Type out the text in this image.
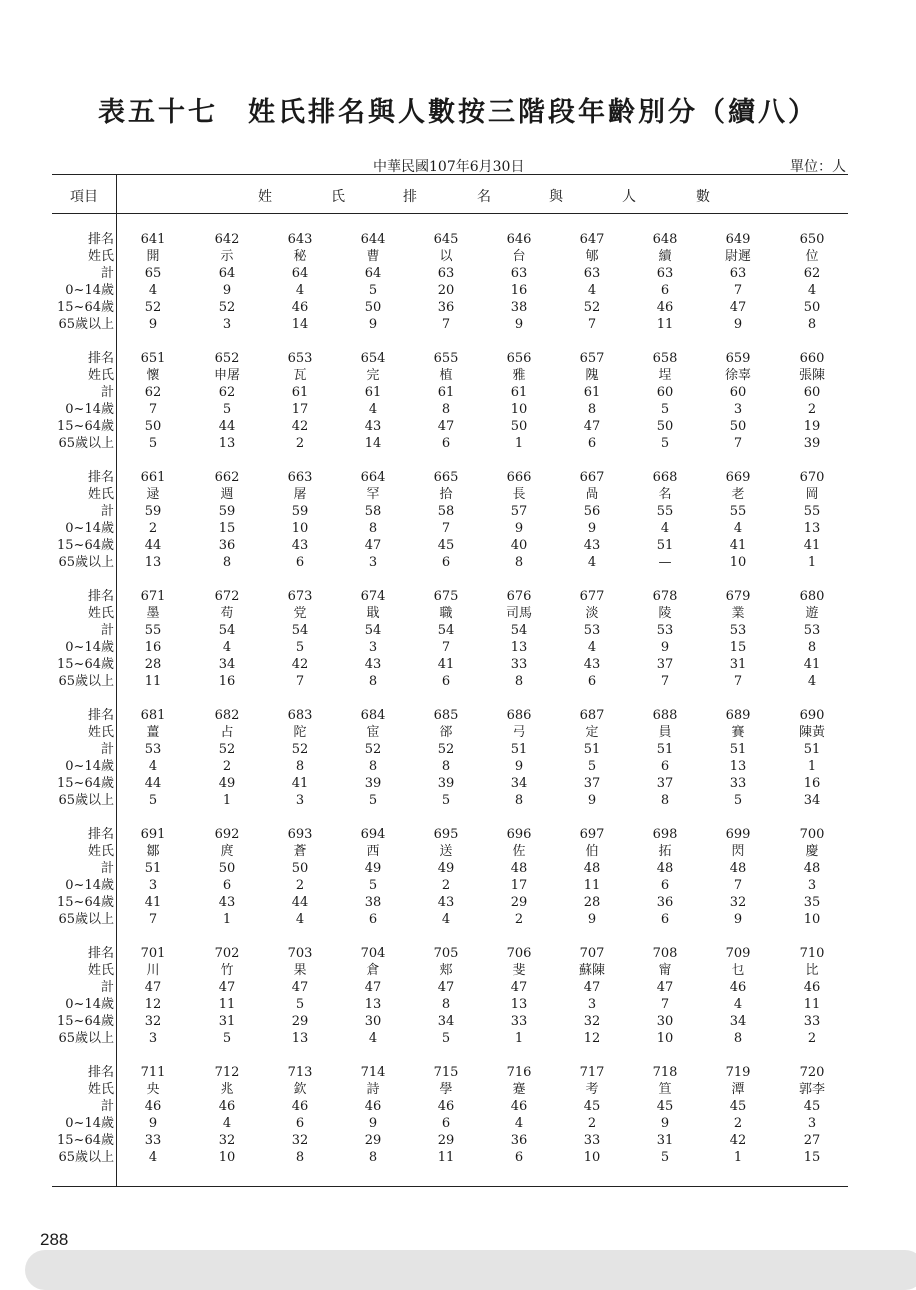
表五十七　姓氏排名與人數按三階段年齡別分（續八）
中華民國107年6月30日	單位：人
項目	姓	氏	排	名	與	人	數
排名	641	642	643	644	645	646	647	648	649	650
姓氏	開	示	秘	曹	以	台	郇	續	尉遲	位
計	65	64	64	64	63	63	63	63	63	62
0~14歲	4	9	4	5	20	16	4	6	7	4
15~64歲	52	52	46	50	36	38	52	46	47	50
65歲以上	9	3	14	9	7	9	7	11	9	8
排名	651	652	653	654	655	656	657	658	659	660
姓氏	懷	申屠	瓦	完	植	雅	隗	埕	徐辜	張陳
計	62	62	61	61	61	61	61	60	60	60
0~14歲	7	5	17	4	8	10	8	5	3	2
15~64歲	50	44	42	43	47	50	47	50	50	19
65歲以上	5	13	2	14	6	1	6	5	7	39
排名	661	662	663	664	665	666	667	668	669	670
姓氏	逯	週	屠	罕	拾	長	咼	名	老	岡
計	59	59	59	58	58	57	56	55	55	55
0~14歲	2	15	10	8	7	9	9	4	4	13
15~64歲	44	36	43	47	45	40	43	51	41	41
65歲以上	13	8	6	3	6	8	4	—	10	1
排名	671	672	673	674	675	676	677	678	679	680
姓氏	墨	苟	党	戢	職	司馬	淡	陵	業	遊
計	55	54	54	54	54	54	53	53	53	53
0~14歲	16	4	5	3	7	13	4	9	15	8
15~64歲	28	34	42	43	41	33	43	37	31	41
65歲以上	11	16	7	8	6	8	6	7	7	4
排名	681	682	683	684	685	686	687	688	689	690
姓氏	薑	占	陀	宦	郤	弓	定	員	賽	陳黃
計	53	52	52	52	52	51	51	51	51	51
0~14歲	4	2	8	8	8	9	5	6	13	1
15~64歲	44	49	41	39	39	34	37	37	33	16
65歲以上	5	1	3	5	5	8	9	8	5	34
排名	691	692	693	694	695	696	697	698	699	700
姓氏	鄒	庹	蒼	西	送	佐	伯	拓	閃	慶
計	51	50	50	49	49	48	48	48	48	48
0~14歲	3	6	2	5	2	17	11	6	7	3
15~64歲	41	43	44	38	43	29	28	36	32	35
65歲以上	7	1	4	6	4	2	9	6	9	10
排名	701	702	703	704	705	706	707	708	709	710
姓氏	川	竹	果	倉	郏	斐	蘇陳	甯	乜	比
計	47	47	47	47	47	47	47	47	46	46
0~14歲	12	11	5	13	8	13	3	7	4	11
15~64歲	32	31	29	30	34	33	32	30	34	33
65歲以上	3	5	13	4	5	1	12	10	8	2
排名	711	712	713	714	715	716	717	718	719	720
姓氏	央	兆	欽	詩	學	蹇	考	笪	潭	郭李
計	46	46	46	46	46	46	45	45	45	45
0~14歲	9	4	6	9	6	4	2	9	2	3
15~64歲	33	32	32	29	29	36	33	31	42	27
65歲以上	4	10	8	8	11	6	10	5	1	15
288
